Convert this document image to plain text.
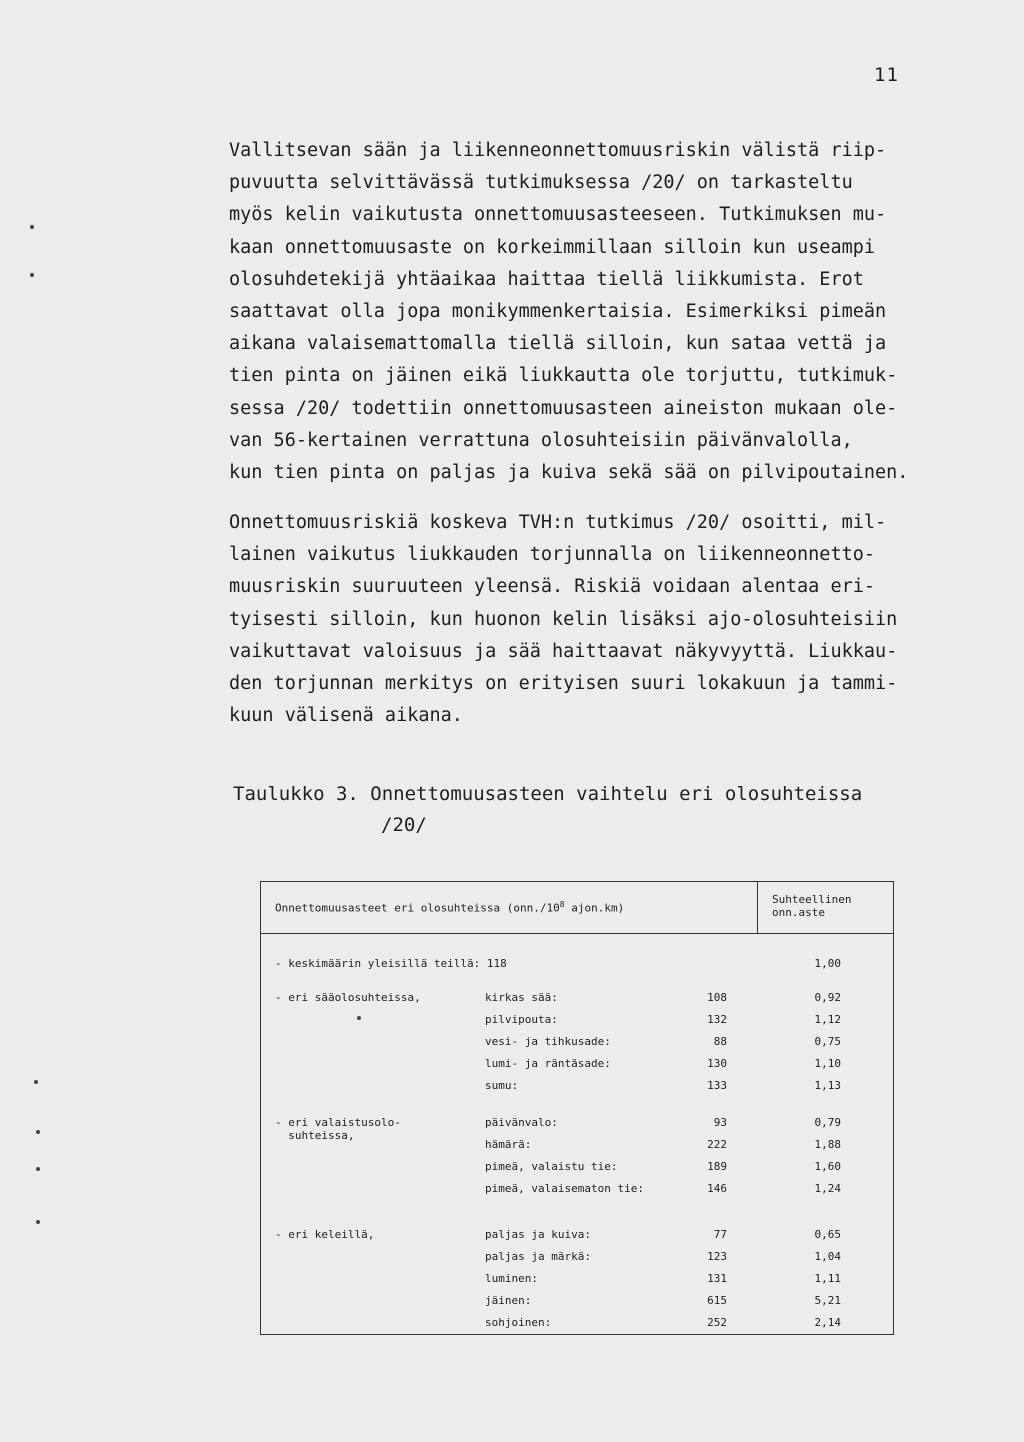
11
Vallitsevan sään ja liikenneonnettomuusriskin välistä riip-
puvuutta selvittävässä tutkimuksessa /20/ on tarkasteltu
myös kelin vaikutusta onnettomuusasteeseen. Tutkimuksen mu-
kaan onnettomuusaste on korkeimmillaan silloin kun useampi
olosuhdetekijä yhtäaikaa haittaa tiellä liikkumista. Erot
saattavat olla jopa monikymmenkertaisia. Esimerkiksi pimeän
aikana valaisemattomalla tiellä silloin, kun sataa vettä ja
tien pinta on jäinen eikä liukkautta ole torjuttu, tutkimuk-
sessa /20/ todettiin onnettomuusasteen aineiston mukaan ole-
van 56-kertainen verrattuna olosuhteisiin päivänvalolla,
kun tien pinta on paljas ja kuiva sekä sää on pilvipoutainen.
Onnettomuusriskiä koskeva TVH:n tutkimus /20/ osoitti, mil-
lainen vaikutus liukkauden torjunnalla on liikenneonnetto-
muusriskin suuruuteen yleensä. Riskiä voidaan alentaa eri-
tyisesti silloin, kun huonon kelin lisäksi ajo-olosuhteisiin
vaikuttavat valoisuus ja sää haittaavat näkyvyyttä. Liukkau-
den torjunnan merkitys on erityisen suuri lokakuun ja tammi-
kuun välisenä aikana.
Taulukko 3. Onnettomuusasteen vaihtelu eri olosuhteissa
/20/
Onnettomuusasteet eri olosuhteissa ($onn./10^8$ ajon.km)
Suhteellinen
onn.aste
- keskimäärin yleisillä teillä: 118	1,00
- eri sääolosuhteissa,	kirkas sää:	108	0,92
pilvipouta:	132	1,12
vesi- ja tihkusade:	88	0,75
lumi- ja räntäsade:	130	1,10
sumu:	133	1,13
- eri valaistusolo-
suhteissa,
päivänvalo:	93	0,79
hämärä:	222	1,88
pimeä, valaistu tie:	189	1,60
pimeä, valaisematon tie:	146	1,24
- eri keleillä,	paljas ja kuiva:	77	0,65
paljas ja märkä:	123	1,04
luminen:	131	1,11
jäinen:	615	5,21
sohjoinen:	252	2,14
